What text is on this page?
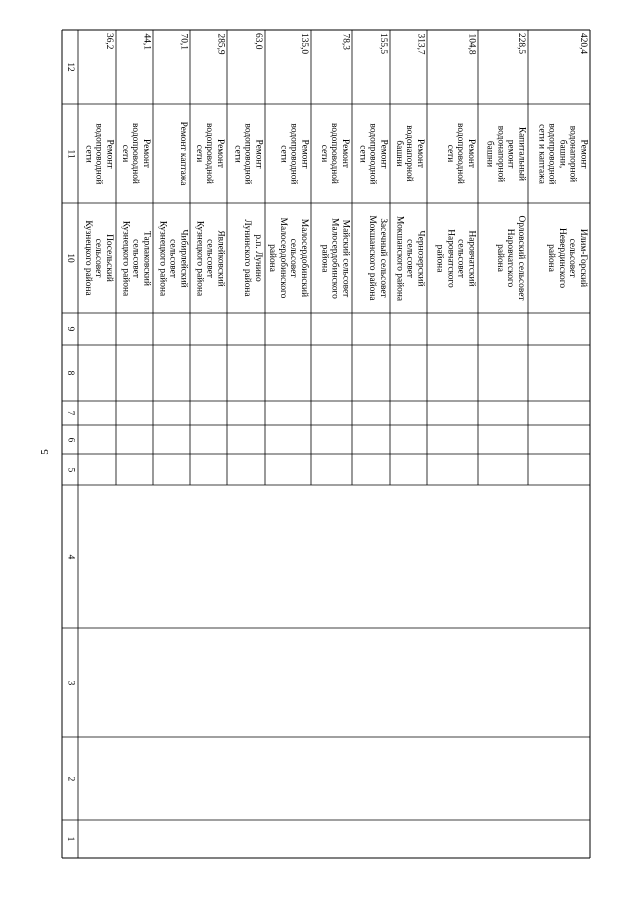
5
1
2
3
4
5
6
7
8
9
10
11
12
Посельский
сельсовет
Кузнецкого района
Ремонт
водопроводной
сети
36,2
Тарлаковский
сельсовет
Кузнецкого района
Ремонт
водопроводной
сети
44,1
Чибирлейский
сельсовет
Кузнецкого района
Ремонт каптажа
70,1
Явлейковский
сельсовет
Кузнецкого района
Ремонт
водопроводной
сети
285,9
р.п. Лунино
Лунинского района
Ремонт
водопроводной
сети
63,0
Малосердобинский
сельсовет
Малосердобинского
района
Ремонт
водопроводной
сети
135,0
Майский сельсовет
Малосердобинского
района
Ремонт
водопроводной
сети
78,3
Засечный сельсовет
Мокшанского района
Ремонт
водопроводной
сети
155,5
Чернозерский
сельсовет
Мокшанского района
Ремонт
водонапорной
башни
313,7
Наровчатский
сельсовет
Наровчатского
района
Ремонт
водопроводной
сети
104,8
Орловский сельсовет
Наровчатского
района
Капитальный
ремонт
водонапорной
башни
228,5
Илим-Горский
сельсовет
Невердинского
района
Ремонт
водонапорной
башни,
водопроводной
сети и каптажа
420,4
